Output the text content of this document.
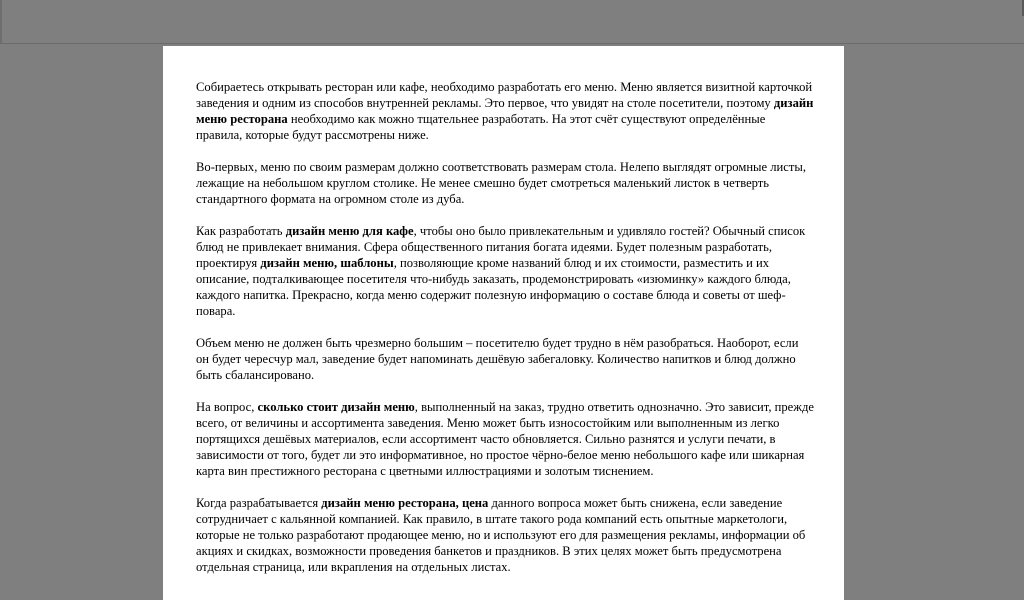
Собираетесь открывать ресторан или кафе, необходимо разработать его меню. Меню является визитной карточкой заведения и одним из способов внутренней рекламы. Это первое, что увидят на столе посетители, поэтому дизайн меню ресторана необходимо как можно тщательнее разработать. На этот счёт существуют определённые правила, которые будут рассмотрены ниже.

Во-первых, меню по своим размерам должно соответствовать размерам стола. Нелепо выглядят огромные листы, лежащие на небольшом круглом столике. Не менее смешно будет смотреться маленький листок в четверть стандартного формата на огромном столе из дуба.

Как разработать дизайн меню для кафе, чтобы оно было привлекательным и удивляло гостей? Обычный список блюд не привлекает внимания. Сфера общественного питания богата идеями. Будет полезным разработать, проектируя дизайн меню, шаблоны, позволяющие кроме названий блюд и их стоимости, разместить и их описание, подталкивающее посетителя что-нибудь заказать, продемонстрировать «изюминку» каждого блюда, каждого напитка. Прекрасно, когда меню содержит полезную информацию о составе блюда и советы от шеф-повара.

Объем меню не должен быть чрезмерно большим – посетителю будет трудно в нём разобраться. Наоборот, если он будет чересчур мал, заведение будет напоминать дешёвую забегаловку. Количество напитков и блюд должно быть сбалансировано.

На вопрос, сколько стоит дизайн меню, выполненный на заказ, трудно ответить однозначно. Это зависит, прежде всего, от величины и ассортимента заведения. Меню может быть износостойким или выполненным из легко портящихся дешёвых материалов, если ассортимент часто обновляется. Сильно разнятся и услуги печати, в зависимости от того, будет ли это информативное, но простое чёрно-белое меню небольшого кафе или шикарная карта вин престижного ресторана с цветными иллюстрациями и золотым тиснением.

Когда разрабатывается дизайн меню ресторана, цена данного вопроса может быть снижена, если заведение сотрудничает с кальянной компанией. Как правило, в штате такого рода компаний есть опытные маркетологи, которые не только разработают продающее меню, но и используют его для размещения рекламы, информации об акциях и скидках, возможности проведения банкетов и праздников. В этих целях может быть предусмотрена отдельная страница, или вкрапления на отдельных листах.
